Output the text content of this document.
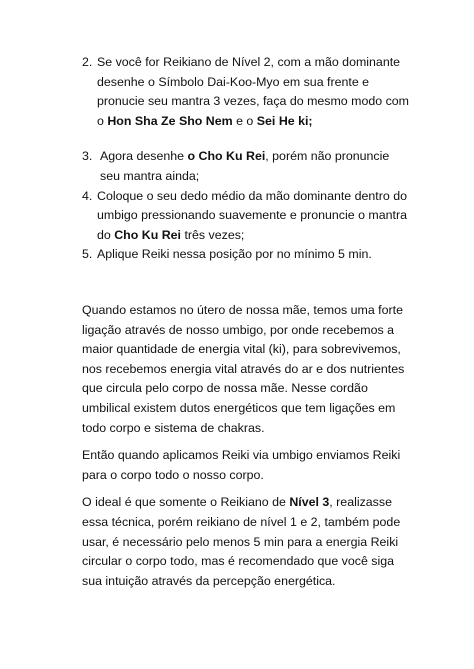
2. Se você for Reikiano de Nível 2, com a mão dominante desenhe o Símbolo Dai-Koo-Myo em sua frente e pronucie seu mantra 3 vezes, faça do mesmo modo com o Hon Sha Ze Sho Nem e o Sei He ki;
3. Agora desenhe o Cho Ku Rei, porém não pronuncie seu mantra ainda;
4. Coloque o seu dedo médio da mão dominante dentro do umbigo pressionando suavemente e pronuncie o mantra do Cho Ku Rei três vezes;
5. Aplique Reiki nessa posição por no mínimo 5 min.

Quando estamos no útero de nossa mãe, temos uma forte ligação através de nosso umbigo, por onde recebemos a maior quantidade de energia vital (ki), para sobrevivemos, nos recebemos energia vital através do ar e dos nutrientes que circula pelo corpo de nossa mãe. Nesse cordão umbilical existem dutos energéticos que tem ligações em todo corpo e sistema de chakras.

Então quando aplicamos Reiki via umbigo enviamos Reiki para o corpo todo o nosso corpo.

O ideal é que somente o Reikiano de Nível 3, realizasse essa técnica, porém reikiano de nível 1 e 2, também pode usar, é necessário pelo menos 5 min para a energia Reiki circular o corpo todo, mas é recomendado que você siga sua intuição através da percepção energética.
